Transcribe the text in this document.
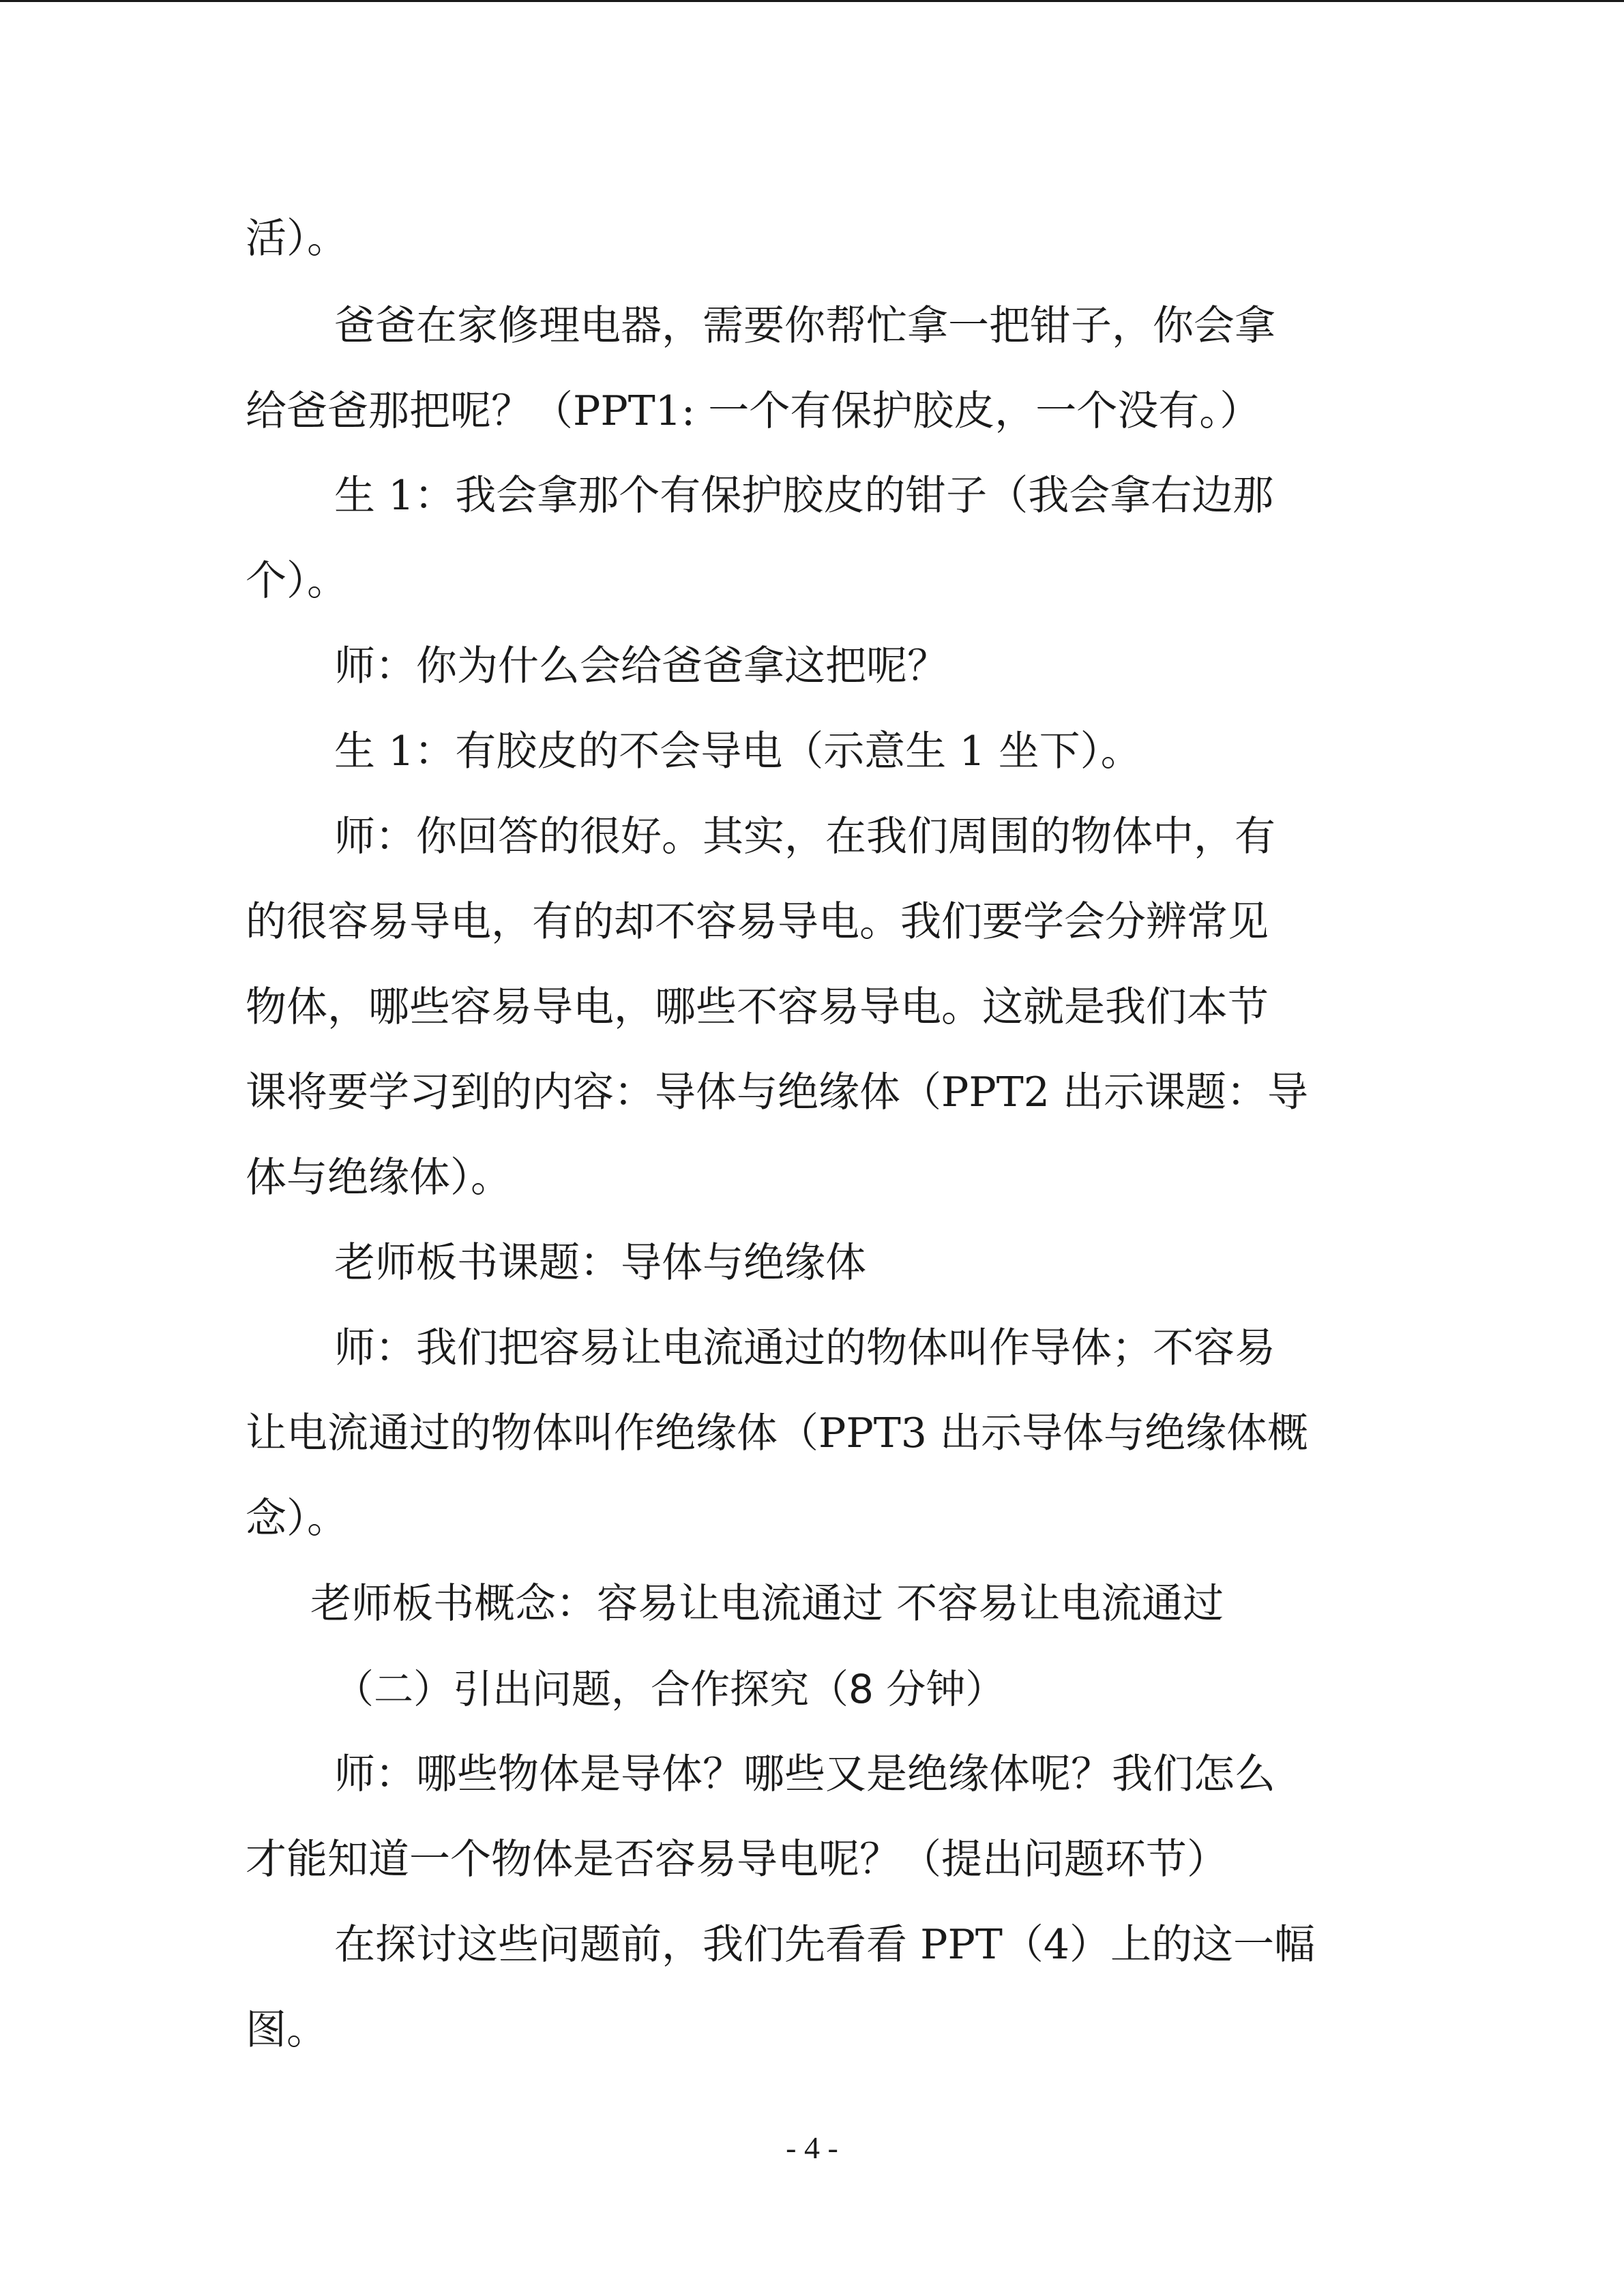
活）。
爸爸在家修理电器，需要你帮忙拿一把钳子，你会拿
给爸爸那把呢？（PPT1: 一个有保护胶皮，一个没有。）
生 1：我会拿那个有保护胶皮的钳子（我会拿右边那
个）。
师：你为什么会给爸爸拿这把呢？
生 1：有胶皮的不会导电（示意生 1 坐下）。
师：你回答的很好。其实，在我们周围的物体中，有
的很容易导电，有的却不容易导电。我们要学会分辨常见
物体，哪些容易导电，哪些不容易导电。这就是我们本节
课将要学习到的内容：导体与绝缘体（PPT2 出示课题：导
体与绝缘体）。
老师板书课题：导体与绝缘体
师：我们把容易让电流通过的物体叫作导体；不容易
让电流通过的物体叫作绝缘体（PPT3 出示导体与绝缘体概
念）。
老师板书概念：容易让电流通过 不容易让电流通过
（二）引出问题，合作探究（8 分钟）
师：哪些物体是导体？哪些又是绝缘体呢？我们怎么
才能知道一个物体是否容易导电呢？（提出问题环节）
在探讨这些问题前，我们先看看 PPT（4）上的这一幅
图。
- 4 -
